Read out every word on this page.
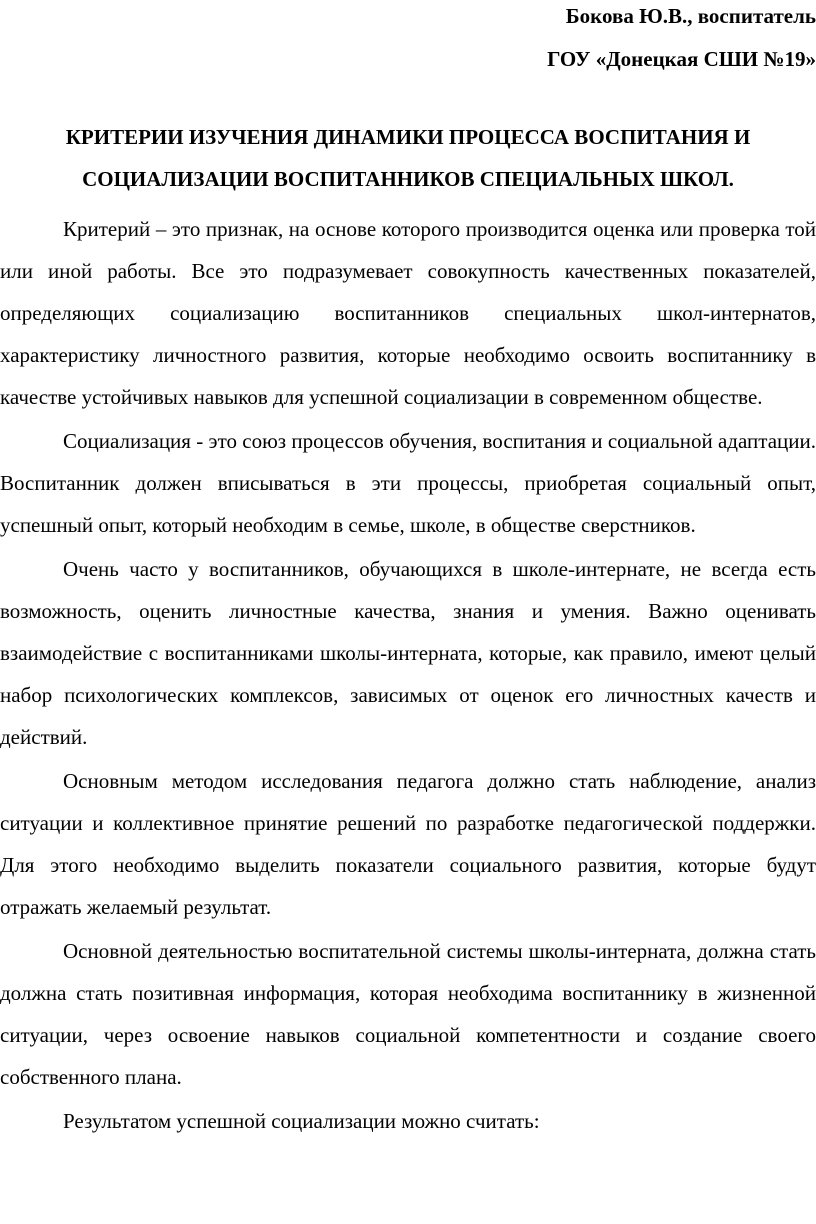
Бокова Ю.В., воспитатель
ГОУ «Донецкая СШИ №19»
КРИТЕРИИ ИЗУЧЕНИЯ ДИНАМИКИ ПРОЦЕССА ВОСПИТАНИЯ И
СОЦИАЛИЗАЦИИ ВОСПИТАННИКОВ СПЕЦИАЛЬНЫХ ШКОЛ.

Критерий – это признак, на основе которого производится оценка или проверка той или иной работы. Все это подразумевает совокупность качественных показателей, определяющих социализацию воспитанников специальных школ-интернатов, характеристику личностного развития, которые необходимо освоить воспитаннику в качестве устойчивых навыков для успешной социализации в современном обществе.

Социализация - это союз процессов обучения, воспитания и социальной адаптации. Воспитанник должен вписываться в эти процессы, приобретая социальный опыт, успешный опыт, который необходим в семье, школе, в обществе сверстников.

Очень часто у воспитанников, обучающихся в школе-интернате, не всегда есть возможность, оценить личностные качества, знания и умения. Важно оценивать взаимодействие с воспитанниками школы-интерната, которые, как правило, имеют целый набор психологических комплексов, зависимых от оценок его личностных качеств и действий.

Основным методом исследования педагога должно стать наблюдение, анализ ситуации и коллективное принятие решений по разработке педагогической поддержки. Для этого необходимо выделить показатели социального развития, которые будут отражать желаемый результат.

Основной деятельностью воспитательной системы школы-интерната, должна стать должна стать позитивная информация, которая необходима воспитаннику в жизненной ситуации, через освоение навыков социальной компетентности и создание своего собственного плана.

Результатом успешной социализации можно считать:
